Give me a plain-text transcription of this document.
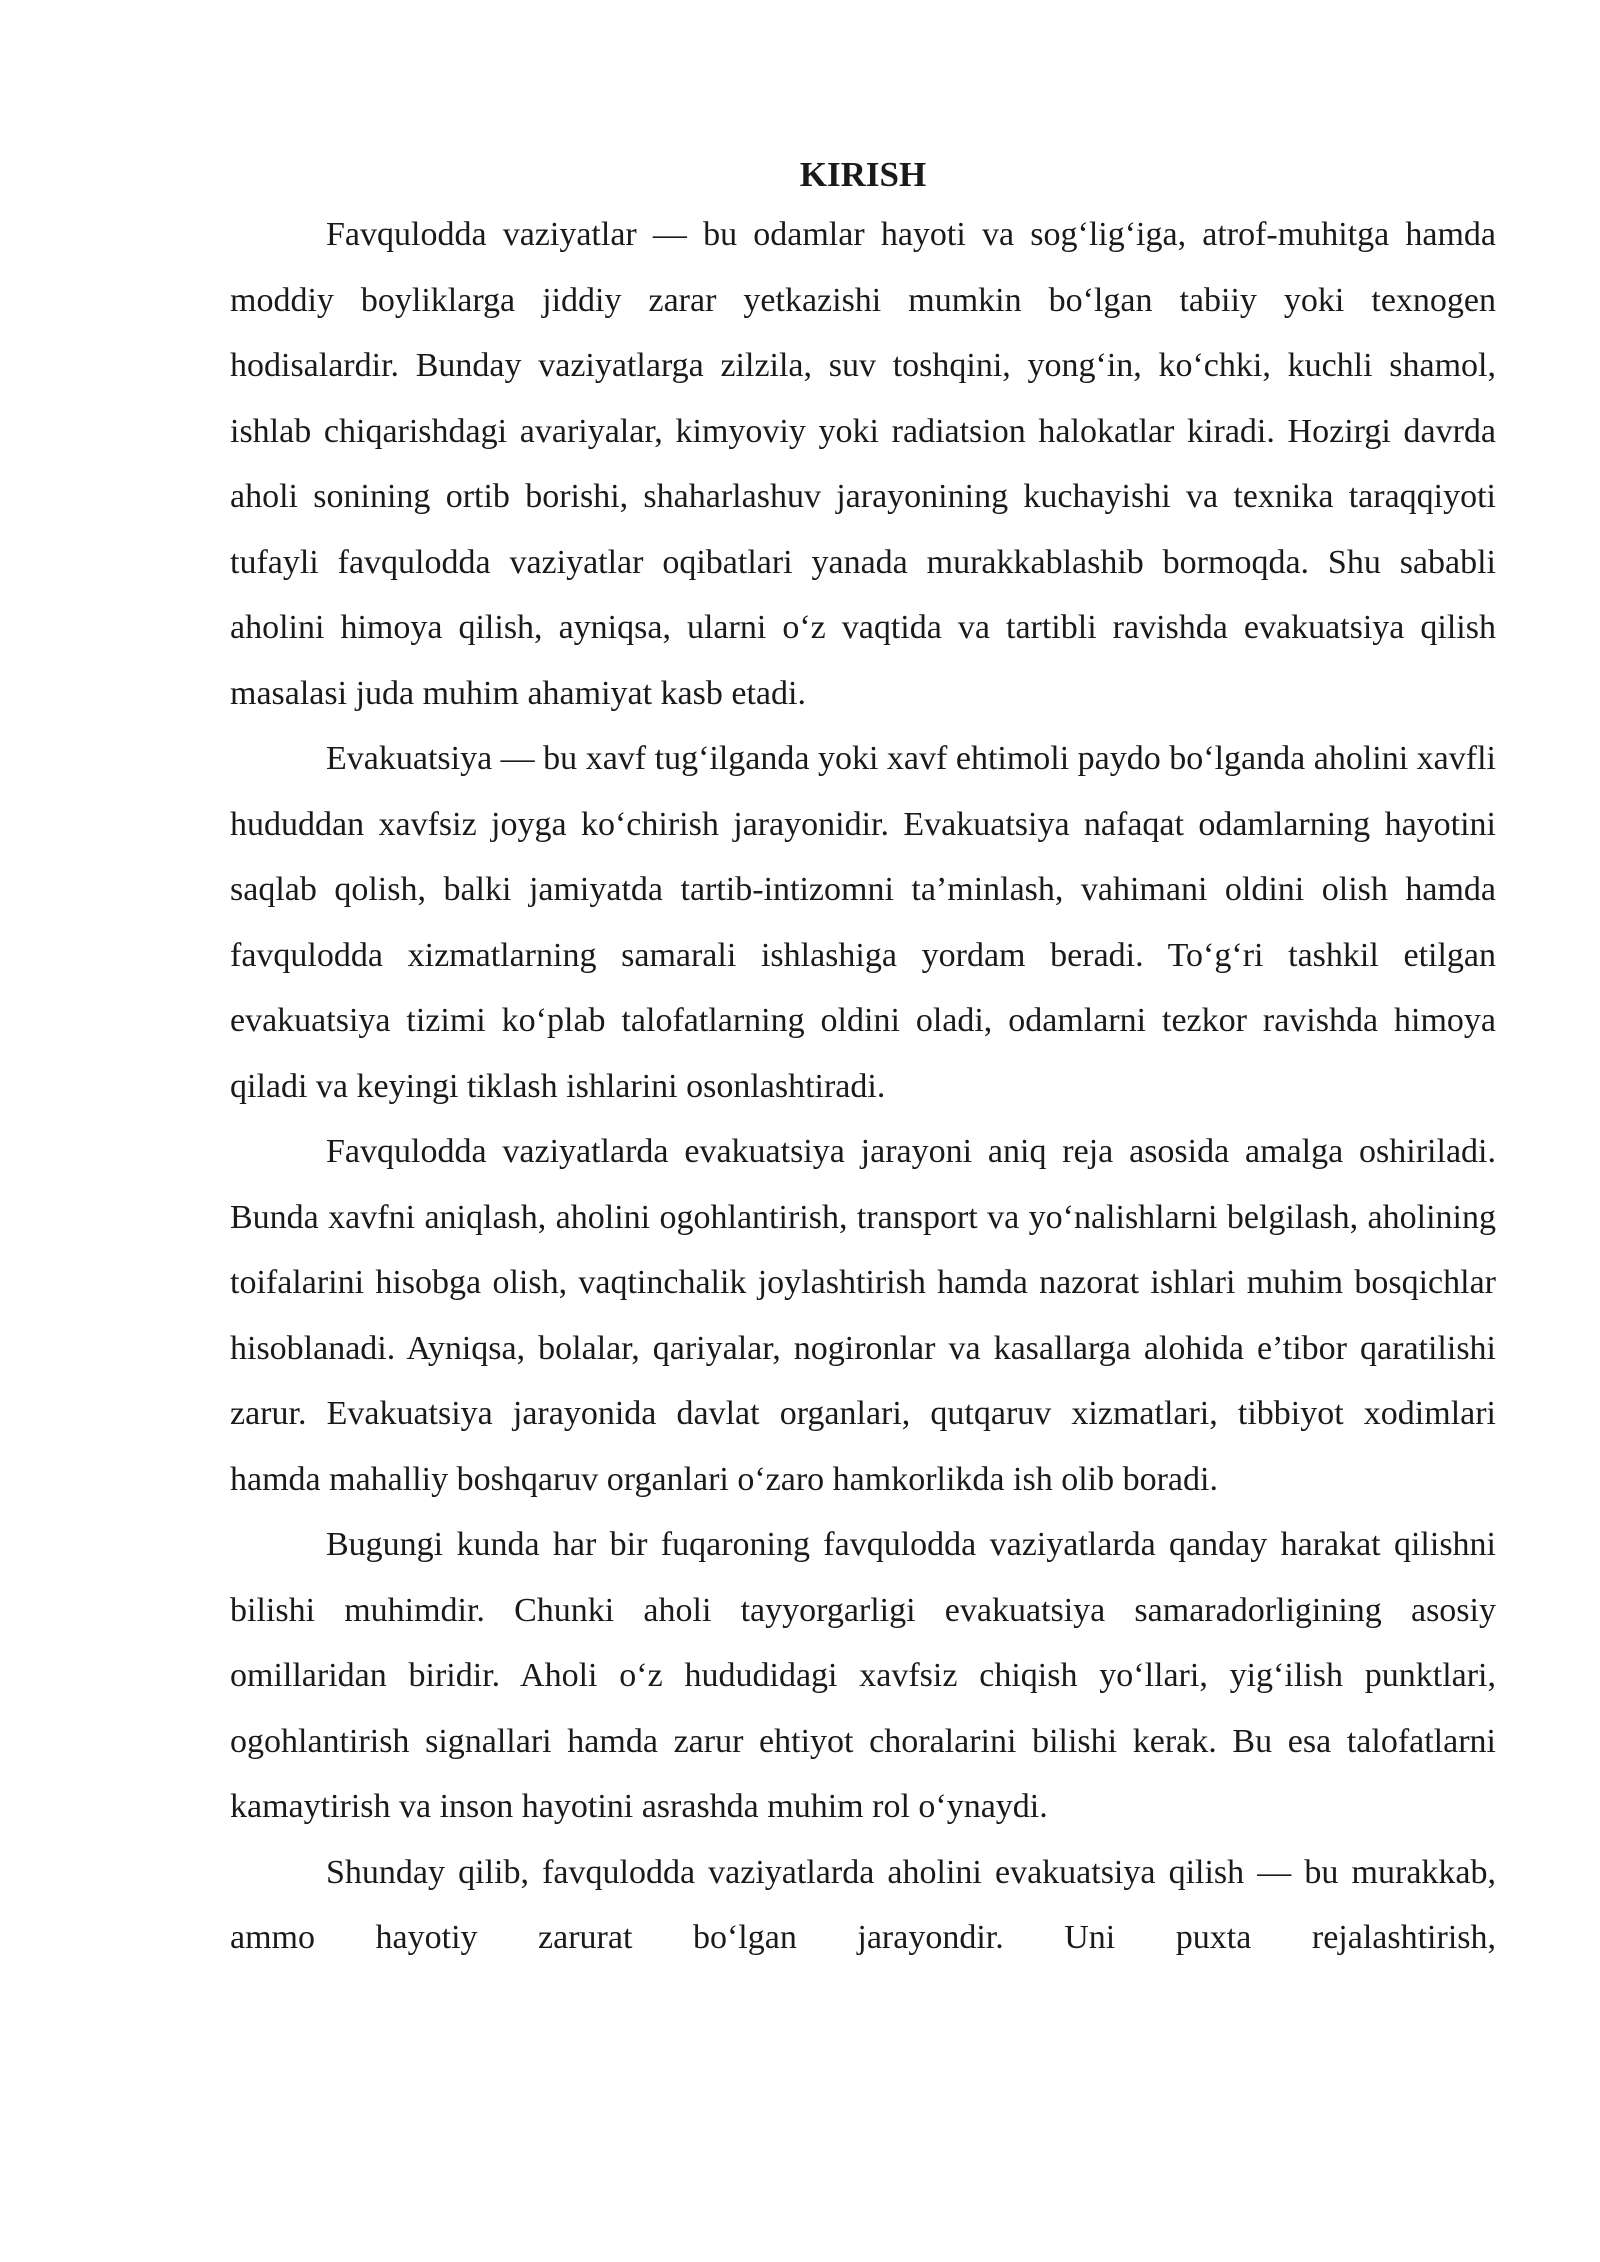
KIRISH

Favqulodda vaziyatlar — bu odamlar hayoti va sog‘lig‘iga, atrof-muhitga hamda moddiy boyliklarga jiddiy zarar yetkazishi mumkin bo‘lgan tabiiy yoki texnogen hodisalardir. Bunday vaziyatlarga zilzila, suv toshqini, yong‘in, ko‘chki, kuchli shamol, ishlab chiqarishdagi avariyalar, kimyoviy yoki radiatsion halokatlar kiradi. Hozirgi davrda aholi sonining ortib borishi, shaharlashuv jarayonining kuchayishi va texnika taraqqiyoti tufayli favqulodda vaziyatlar oqibatlari yanada murakkablashib bormoqda. Shu sababli aholini himoya qilish, ayniqsa, ularni o‘z vaqtida va tartibli ravishda evakuatsiya qilish masalasi juda muhim ahamiyat kasb etadi.

Evakuatsiya — bu xavf tug‘ilganda yoki xavf ehtimoli paydo bo‘lganda aholini xavfli hududdan xavfsiz joyga ko‘chirish jarayonidir. Evakuatsiya nafaqat odamlarning hayotini saqlab qolish, balki jamiyatda tartib-intizomni ta’minlash, vahimani oldini olish hamda favqulodda xizmatlarning samarali ishlashiga yordam beradi. To‘g‘ri tashkil etilgan evakuatsiya tizimi ko‘plab talofatlarning oldini oladi, odamlarni tezkor ravishda himoya qiladi va keyingi tiklash ishlarini osonlashtiradi.

Favqulodda vaziyatlarda evakuatsiya jarayoni aniq reja asosida amalga oshiriladi. Bunda xavfni aniqlash, aholini ogohlantirish, transport va yo‘nalishlarni belgilash, aholining toifalarini hisobga olish, vaqtinchalik joylashtirish hamda nazorat ishlari muhim bosqichlar hisoblanadi. Ayniqsa, bolalar, qariyalar, nogironlar va kasallarga alohida e’tibor qaratilishi zarur. Evakuatsiya jarayonida davlat organlari, qutqaruv xizmatlari, tibbiyot xodimlari hamda mahalliy boshqaruv organlari o‘zaro hamkorlikda ish olib boradi.

Bugungi kunda har bir fuqaroning favqulodda vaziyatlarda qanday harakat qilishni bilishi muhimdir. Chunki aholi tayyorgarligi evakuatsiya samaradorligining asosiy omillaridan biridir. Aholi o‘z hududidagi xavfsiz chiqish yo‘llari, yig‘ilish punktlari, ogohlantirish signallari hamda zarur ehtiyot choralarini bilishi kerak. Bu esa talofatlarni kamaytirish va inson hayotini asrashda muhim rol o‘ynaydi.

Shunday qilib, favqulodda vaziyatlarda aholini evakuatsiya qilish — bu murakkab, ammo hayotiy zarurat bo‘lgan jarayondir. Uni puxta rejalashtirish,
